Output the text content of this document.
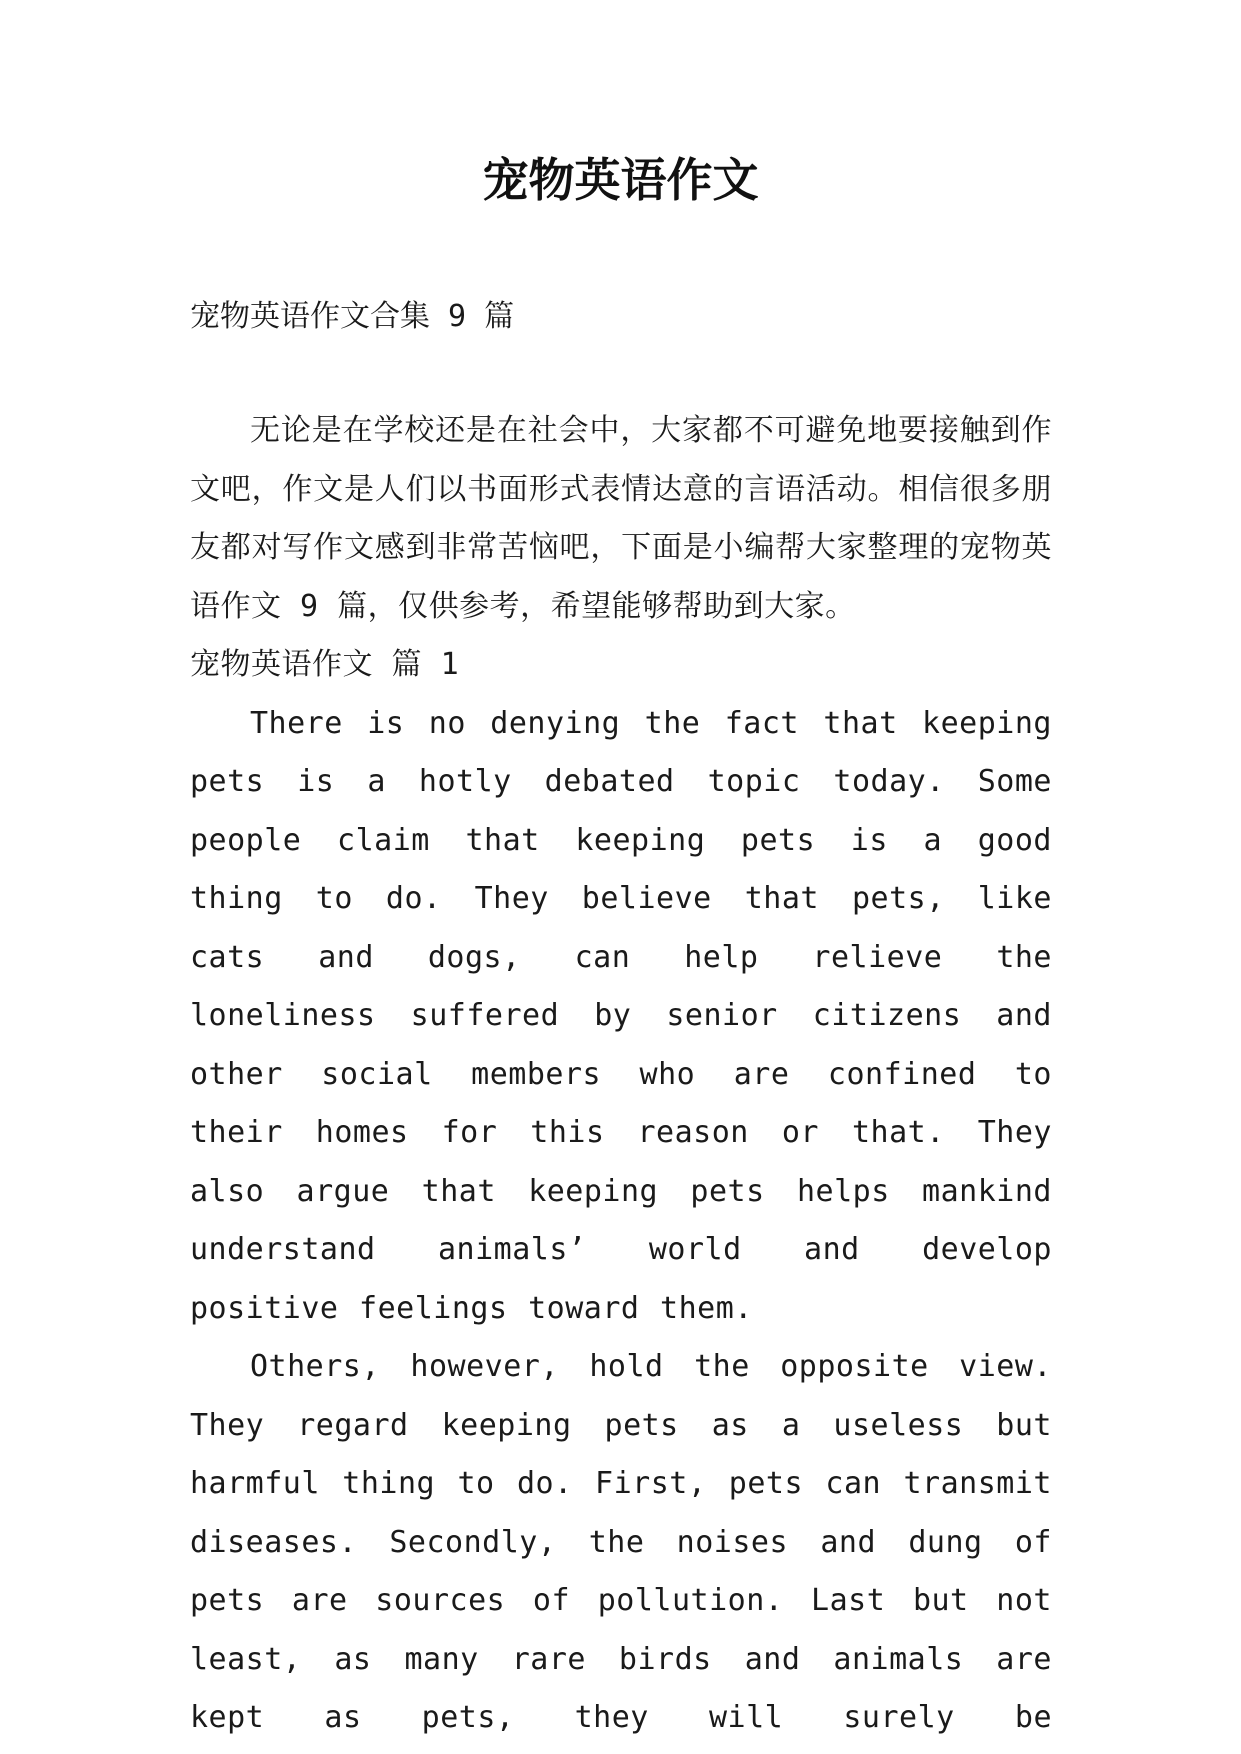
宠物英语作文

宠物英语作文合集 9 篇

无论是在学校还是在社会中，大家都不可避免地要接触到作文吧，作文是人们以书面形式表情达意的言语活动。相信很多朋友都对写作文感到非常苦恼吧，下面是小编帮大家整理的宠物英语作文 9 篇，仅供参考，希望能够帮助到大家。

宠物英语作文 篇 1

There is no denying the fact that keeping pets is a hotly debated topic today. Some people claim that keeping pets is a good thing to do. They believe that pets, like cats and dogs, can help relieve the loneliness suffered by senior citizens and other social members who are confined to their homes for this reason or that. They also argue that keeping pets helps mankind understand animals’ world and develop positive feelings toward them.

Others, however, hold the opposite view. They regard keeping pets as a useless but harmful thing to do. First, pets can transmit diseases. Secondly, the noises and dung of pets are sources of pollution. Last but not least, as many rare birds and animals are kept as pets, they will surely be
